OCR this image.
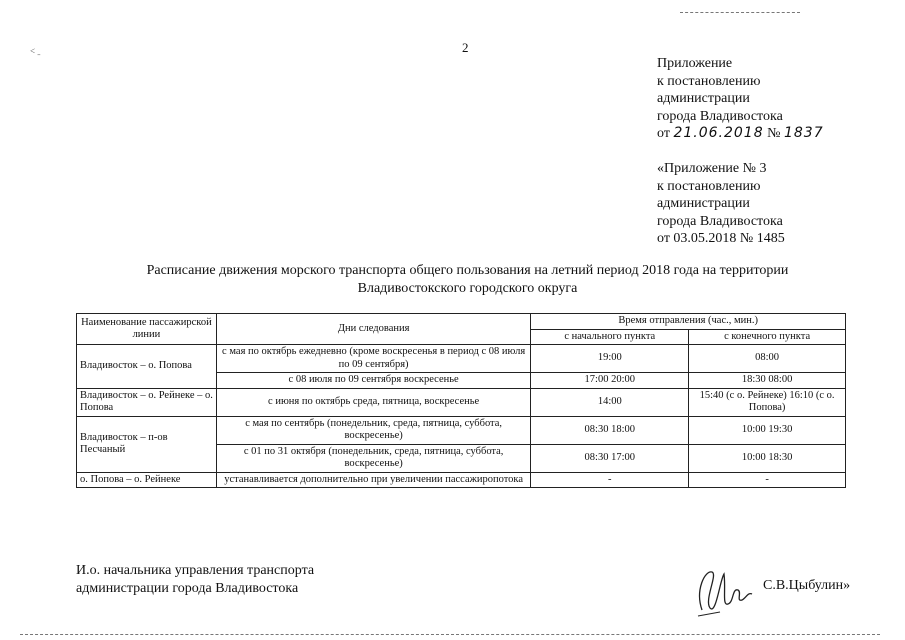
˂ ˍ	2
Приложение
к постановлению
администрации
города Владивостока
от 21.06.2018 № 1837
«Приложение № 3
к постановлению
администрации
города Владивостока
от 03.05.2018 № 1485
Расписание движения морского транспорта общего пользования на летний период 2018 года на территории
Владивостокского городского округа
Наименование пассажирской линии	Дни следования	Время отправления (час., мин.)	
		с начального пункта	с конечного пункта
Владивосток – о. Попова	с мая по октябрь ежедневно (кроме воскресенья в период с 08 июля по 09 сентября)	19:00	08:00
	с 08 июля по 09 сентября воскресенье	17:00 20:00	18:30 08:00
Владивосток – о. Рейнеке – о. Попова	с июня по октябрь среда, пятница, воскресенье	14:00	15:40 (с о. Рейнеке) 16:10 (с о. Попова)
Владивосток – п-ов Песчаный	с мая по сентябрь (понедельник, среда, пятница, суббота, воскресенье)	08:30 18:00	10:00 19:30
	с 01 по 31 октября (понедельник, среда, пятница, суббота, воскресенье)	08:30 17:00	10:00 18:30
о. Попова – о. Рейнеке	устанавливается дополнительно при увеличении пассажиропотока	-	-
И.о. начальника управления транспорта
администрации города Владивостока	С.В.Цыбулин»
